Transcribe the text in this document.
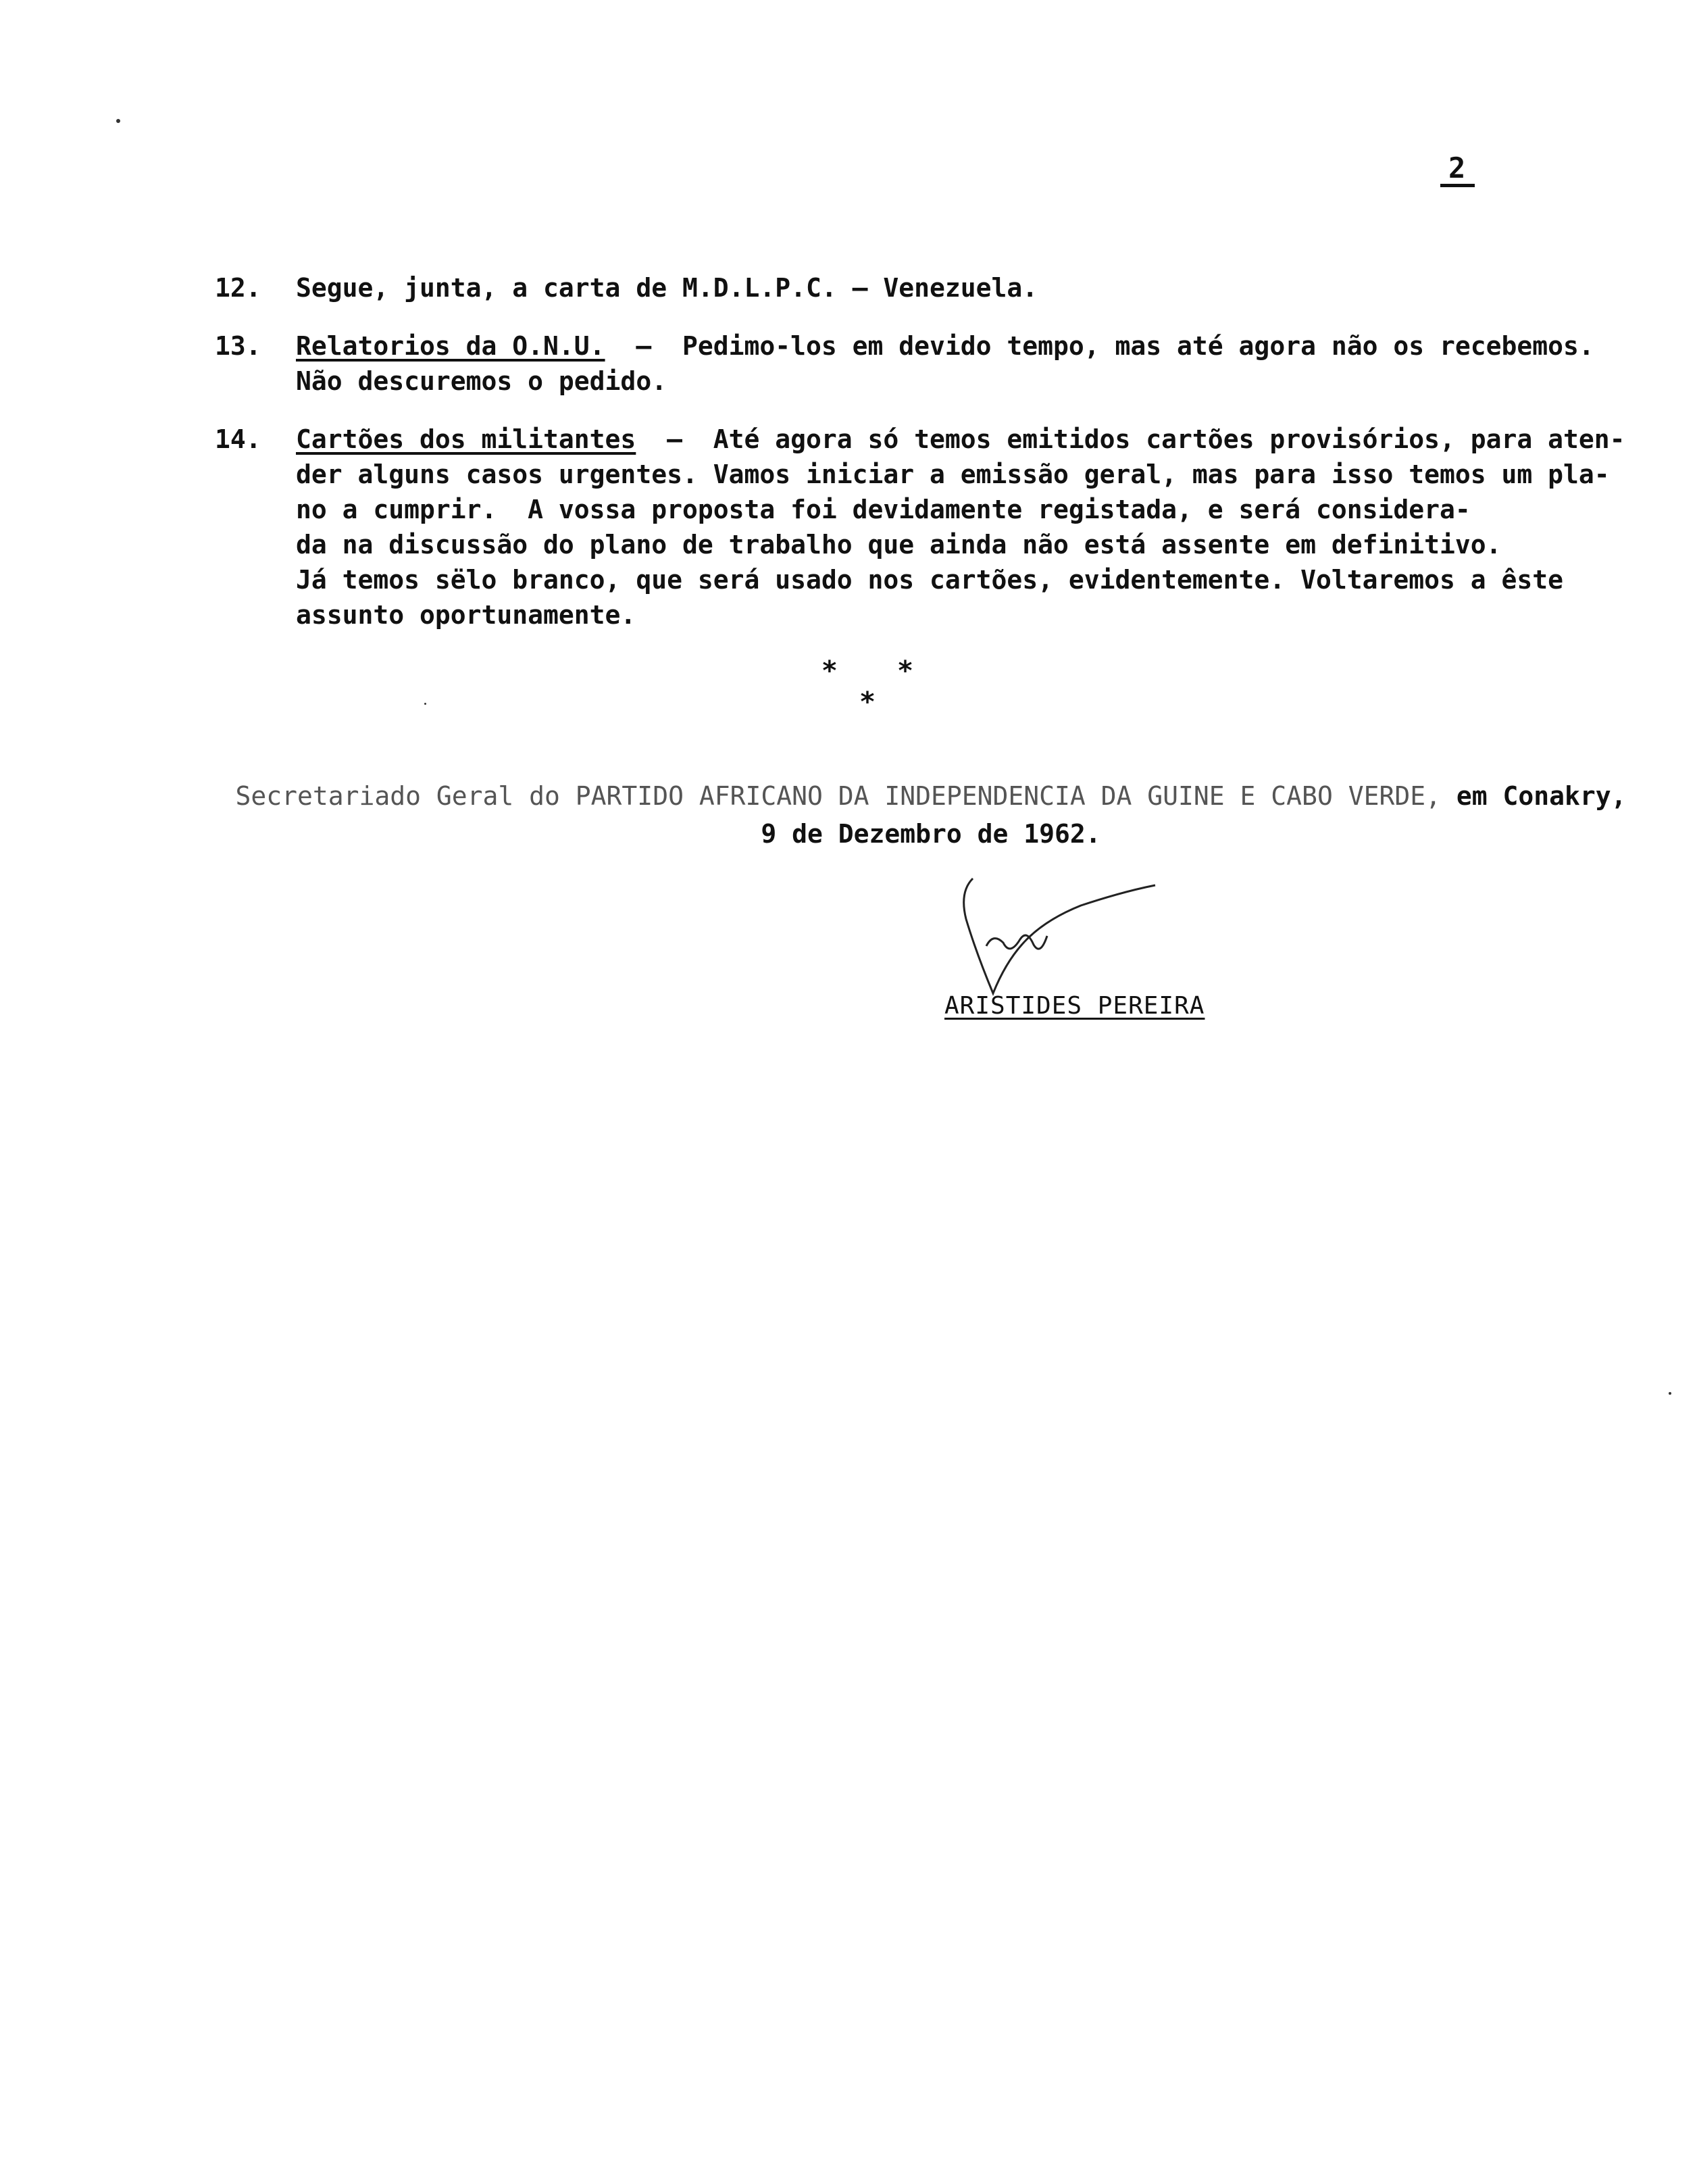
2
12.	Segue, junta, a carta de M.D.L.P.C. – Venezuela.
13.	Relatorios da O.N.U.  –  Pedimo-los em devido tempo, mas até agora não os recebemos.
Não descuremos o pedido.
14.	Cartões dos militantes  –  Até agora só temos emitidos cartões provisórios, para aten-
der alguns casos urgentes. Vamos iniciar a emissão geral, mas para isso temos um pla-
no a cumprir.  A vossa proposta foi devidamente registada, e será considera-
da na discussão do plano de trabalho que ainda não está assente em definitivo.
Já temos sëlo branco, que será usado nos cartões, evidentemente. Voltaremos a êste
assunto oportunamente.
* * *
Secretariado Geral do PARTIDO AFRICANO DA INDEPENDENCIA DA GUINE E CABO VERDE, em Conakry,
9 de Dezembro de 1962.
ARISTIDES PEREIRA
